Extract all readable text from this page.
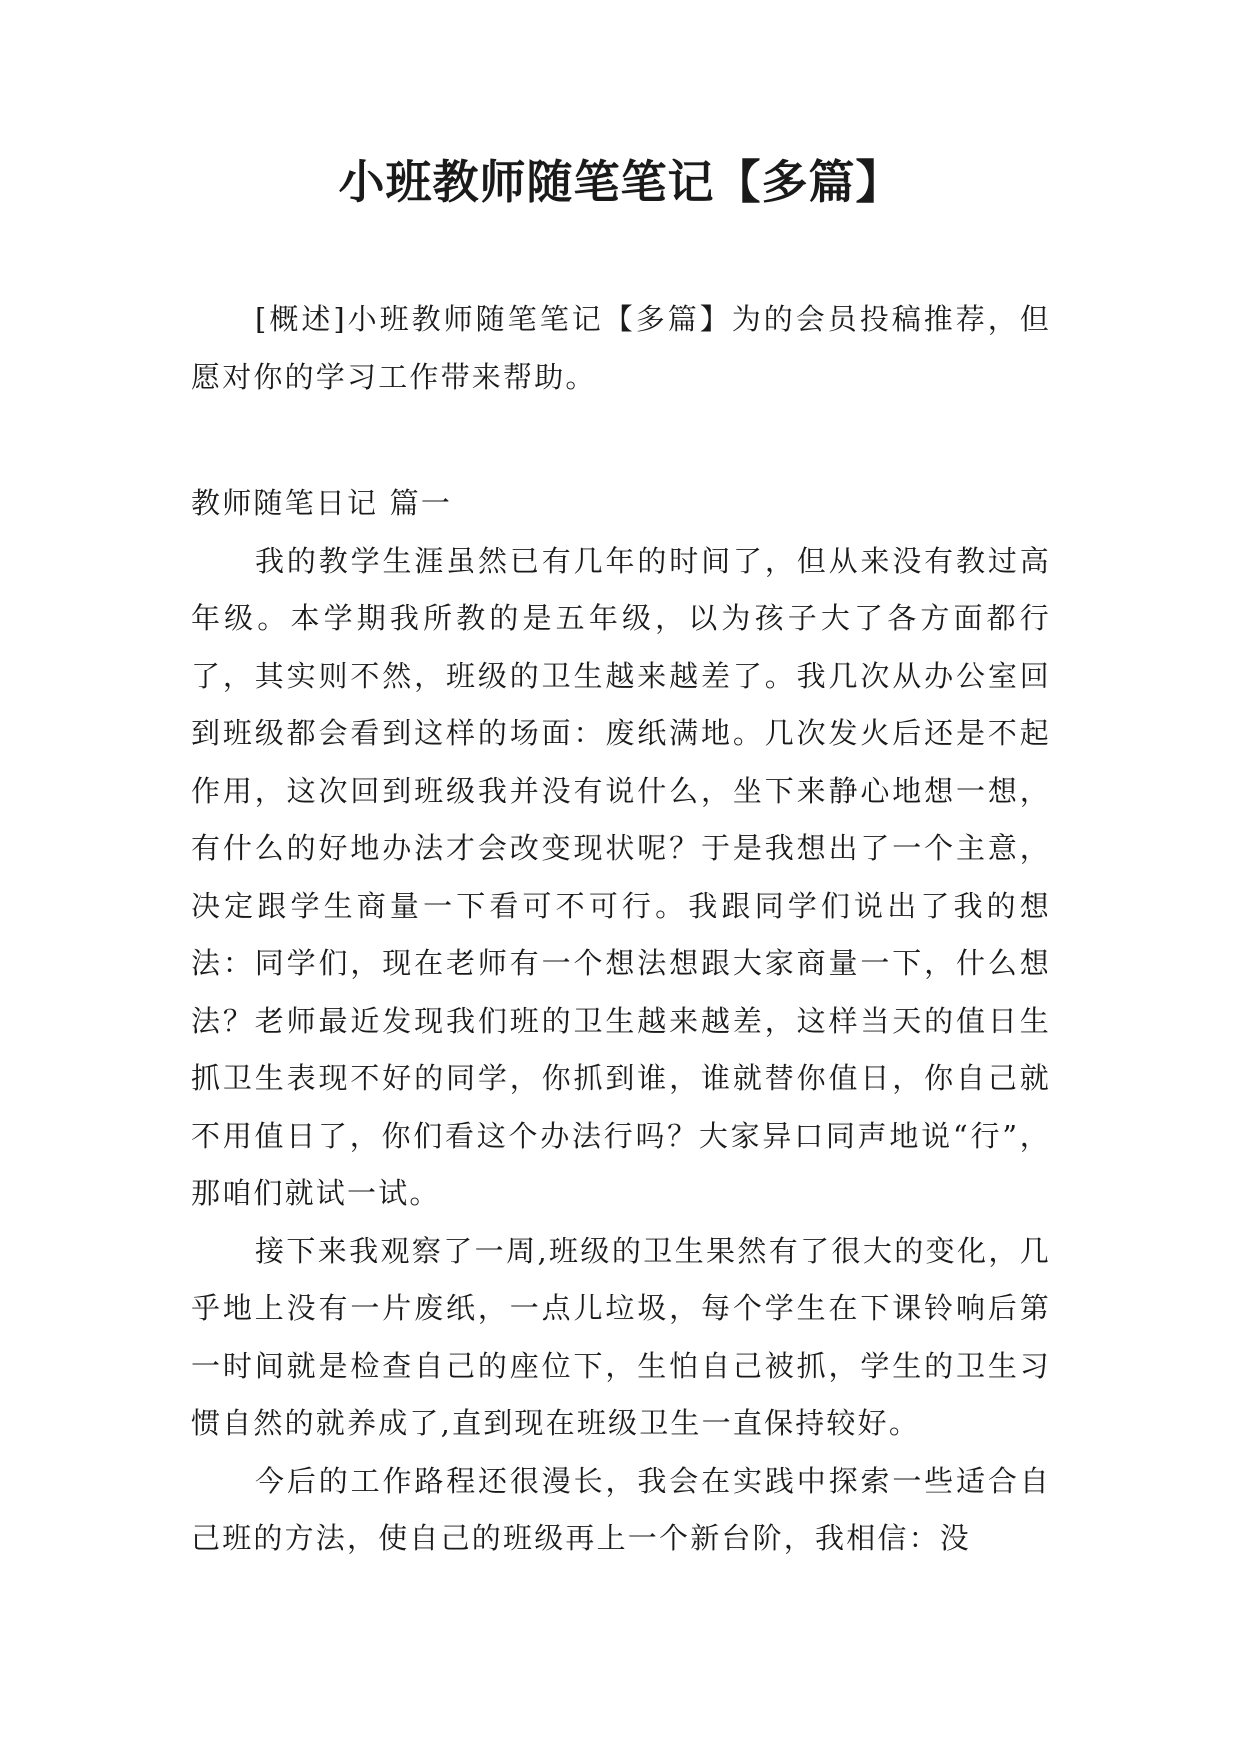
小班教师随笔笔记【多篇】

[概述]小班教师随笔笔记【多篇】为的会员投稿推荐，但愿对你的学习工作带来帮助。

教师随笔日记 篇一

我的教学生涯虽然已有几年的时间了，但从来没有教过高年级。本学期我所教的是五年级，以为孩子大了各方面都行了，其实则不然，班级的卫生越来越差了。我几次从办公室回到班级都会看到这样的场面：废纸满地。几次发火后还是不起作用，这次回到班级我并没有说什么，坐下来静心地想一想，有什么的好地办法才会改变现状呢？于是我想出了一个主意，决定跟学生商量一下看可不可行。我跟同学们说出了我的想法：同学们，现在老师有一个想法想跟大家商量一下，什么想法？老师最近发现我们班的卫生越来越差，这样当天的值日生抓卫生表现不好的同学，你抓到谁，谁就替你值日，你自己就不用值日了，你们看这个办法行吗？大家异口同声地说“行”，那咱们就试一试。

接下来我观察了一周,班级的卫生果然有了很大的变化，几乎地上没有一片废纸，一点儿垃圾，每个学生在下课铃响后第一时间就是检查自己的座位下，生怕自己被抓，学生的卫生习惯自然的就养成了,直到现在班级卫生一直保持较好。

今后的工作路程还很漫长，我会在实践中探索一些适合自己班的方法，使自己的班级再上一个新台阶，我相信：没
